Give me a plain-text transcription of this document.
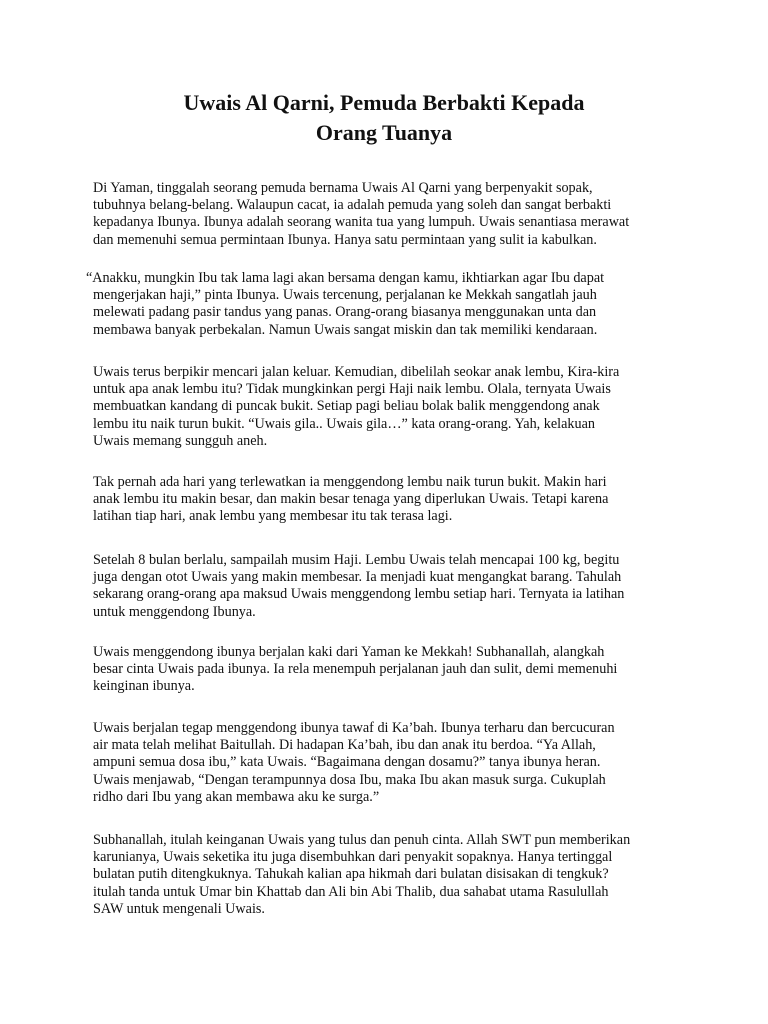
Uwais Al Qarni, Pemuda Berbakti Kepada
Orang Tuanya

Di Yaman, tinggalah seorang pemuda bernama Uwais Al Qarni yang berpenyakit sopak,
tubuhnya belang-belang. Walaupun cacat, ia adalah pemuda yang soleh dan sangat berbakti
kepadanya Ibunya. Ibunya adalah seorang wanita tua yang lumpuh. Uwais senantiasa merawat
dan memenuhi semua permintaan Ibunya. Hanya satu permintaan yang sulit ia kabulkan.

“Anakku, mungkin Ibu tak lama lagi akan bersama dengan kamu, ikhtiarkan agar Ibu dapat
mengerjakan haji,” pinta Ibunya. Uwais tercenung, perjalanan ke Mekkah sangatlah jauh
melewati padang pasir tandus yang panas. Orang-orang biasanya menggunakan unta dan
membawa banyak perbekalan. Namun Uwais sangat miskin dan tak memiliki kendaraan.

Uwais terus berpikir mencari jalan keluar. Kemudian, dibelilah seokar anak lembu, Kira-kira
untuk apa anak lembu itu? Tidak mungkinkan pergi Haji naik lembu. Olala, ternyata Uwais
membuatkan kandang di puncak bukit. Setiap pagi beliau bolak balik menggendong anak
lembu itu naik turun bukit. “Uwais gila.. Uwais gila…” kata orang-orang. Yah, kelakuan
Uwais memang sungguh aneh.

Tak pernah ada hari yang terlewatkan ia menggendong lembu naik turun bukit. Makin hari
anak lembu itu makin besar, dan makin besar tenaga yang diperlukan Uwais. Tetapi karena
latihan tiap hari, anak lembu yang membesar itu tak terasa lagi.

Setelah 8 bulan berlalu, sampailah musim Haji. Lembu Uwais telah mencapai 100 kg, begitu
juga dengan otot Uwais yang makin membesar. Ia menjadi kuat mengangkat barang. Tahulah
sekarang orang-orang apa maksud Uwais menggendong lembu setiap hari. Ternyata ia latihan
untuk menggendong Ibunya.

Uwais menggendong ibunya berjalan kaki dari Yaman ke Mekkah! Subhanallah, alangkah
besar cinta Uwais pada ibunya. Ia rela menempuh perjalanan jauh dan sulit, demi memenuhi
keinginan ibunya.

Uwais berjalan tegap menggendong ibunya tawaf di Ka’bah. Ibunya terharu dan bercucuran
air mata telah melihat Baitullah. Di hadapan Ka’bah, ibu dan anak itu berdoa. “Ya Allah,
ampuni semua dosa ibu,” kata Uwais. “Bagaimana dengan dosamu?” tanya ibunya heran.
Uwais menjawab, “Dengan terampunnya dosa Ibu, maka Ibu akan masuk surga. Cukuplah
ridho dari Ibu yang akan membawa aku ke surga.”

Subhanallah, itulah keinganan Uwais yang tulus dan penuh cinta. Allah SWT pun memberikan
karunianya, Uwais seketika itu juga disembuhkan dari penyakit sopaknya. Hanya tertinggal
bulatan putih ditengkuknya. Tahukah kalian apa hikmah dari bulatan disisakan di tengkuk?
itulah tanda untuk Umar bin Khattab dan Ali bin Abi Thalib, dua sahabat utama Rasulullah
SAW untuk mengenali Uwais.
